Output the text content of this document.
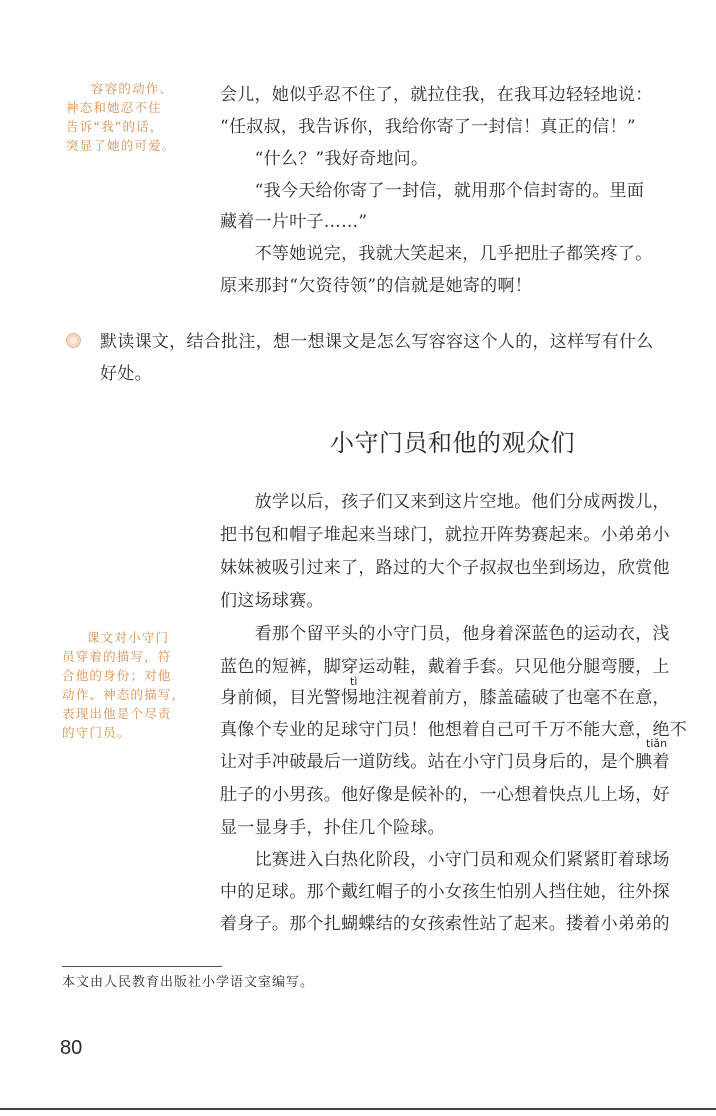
容容的动作、
神态和她忍不住
告诉“我”的话，
突显了她的可爱。
会儿，她似乎忍不住了，就拉住我，在我耳边轻轻地说：
“任叔叔，我告诉你，我给你寄了一封信！真正的信！”
　　“什么？”我好奇地问。
　　“我今天给你寄了一封信，就用那个信封寄的。里面
藏着一片叶子……”
　　不等她说完，我就大笑起来，几乎把肚子都笑疼了。
原来那封“欠资待领”的信就是她寄的啊！
默读课文，结合批注，想一想课文是怎么写容容这个人的，这样写有什么
好处。
小守门员和他的观众们
课文对小守门
员穿着的描写，符
合他的身份；对他
动作、神态的描写，
表现出他是个尽责
的守门员。
　　放学以后，孩子们又来到这片空地。他们分成两拨儿，
把书包和帽子堆起来当球门，就拉开阵势赛起来。小弟弟小
妹妹被吸引过来了，路过的大个子叔叔也坐到场边，欣赏他
们这场球赛。
　　看那个留平头的小守门员，他身着深蓝色的运动衣，浅
蓝色的短裤，脚穿运动鞋，戴着手套。只见他分腿弯腰，上
tì
身前倾，目光警惕地注视着前方，膝盖磕破了也毫不在意，
真像个专业的足球守门员！他想着自己可千万不能大意，绝不
tiǎn
让对手冲破最后一道防线。站在小守门员身后的，是个腆着
肚子的小男孩。他好像是候补的，一心想着快点儿上场，好
显一显身手，扑住几个险球。
　　比赛进入白热化阶段，小守门员和观众们紧紧盯着球场
中的足球。那个戴红帽子的小女孩生怕别人挡住她，往外探
着身子。那个扎蝴蝶结的女孩索性站了起来。搂着小弟弟的
本文由人民教育出版社小学语文室编写。
80
